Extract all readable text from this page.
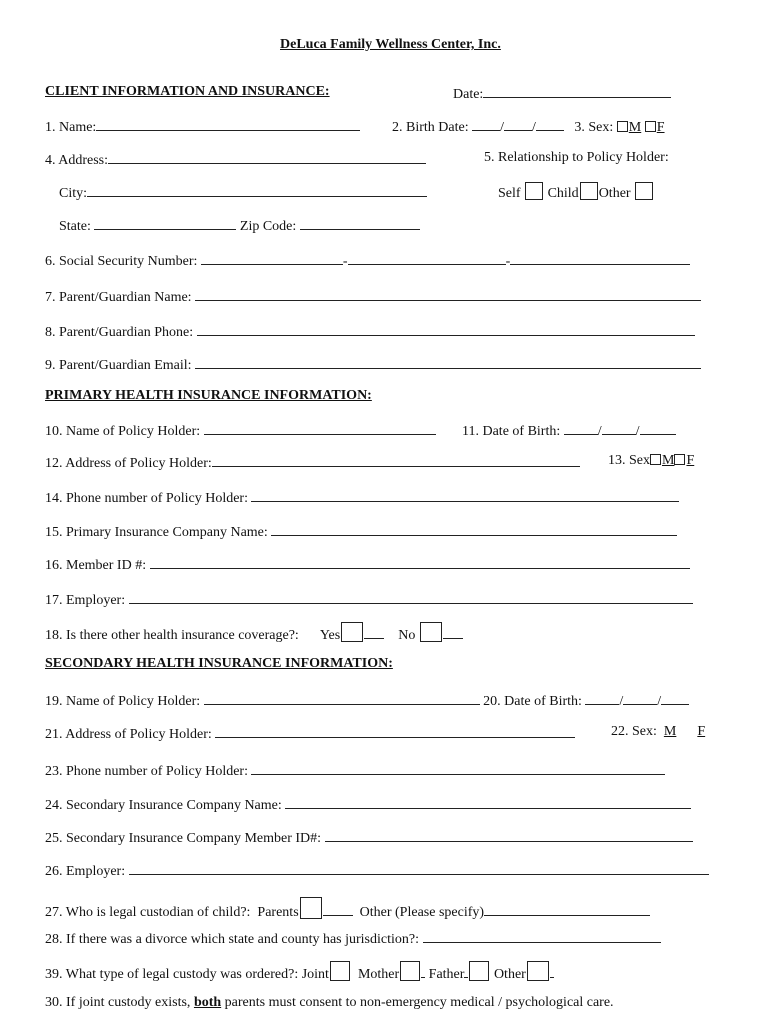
DeLuca Family Wellness Center, Inc.
CLIENT INFORMATION AND INSURANCE:	Date:
1. Name:	2. Birth Date: / /	3. Sex: M F
4. Address:	5. Relationship to Policy Holder:
City:	Self Child Other
State:	Zip Code:
6. Social Security Number:	-	-
7. Parent/Guardian Name:
8. Parent/Guardian Phone:
9. Parent/Guardian Email:
PRIMARY HEALTH INSURANCE INFORMATION:
10. Name of Policy Holder:	11. Date of Birth:	/ /
12. Address of Policy Holder:	13. Sex M F
14. Phone number of Policy Holder:
15. Primary Insurance Company Name:
16. Member ID #:
17. Employer:
18. Is there other health insurance coverage?: Yes	No
SECONDARY HEALTH INSURANCE INFORMATION:
19. Name of Policy Holder:	20. Date of Birth:	/ /
21. Address of Policy Holder:	22. Sex: M F
23. Phone number of Policy Holder:
24. Secondary Insurance Company Name:
25. Secondary Insurance Company Member ID#:
26. Employer:
27. Who is legal custodian of child?: Parents	Other (Please specify)
28. If there was a divorce which state and county has jurisdiction?:
39. What type of legal custody was ordered?: Joint Mother Father Other
30. If joint custody exists, both parents must consent to non-emergency medical / psychological care.
